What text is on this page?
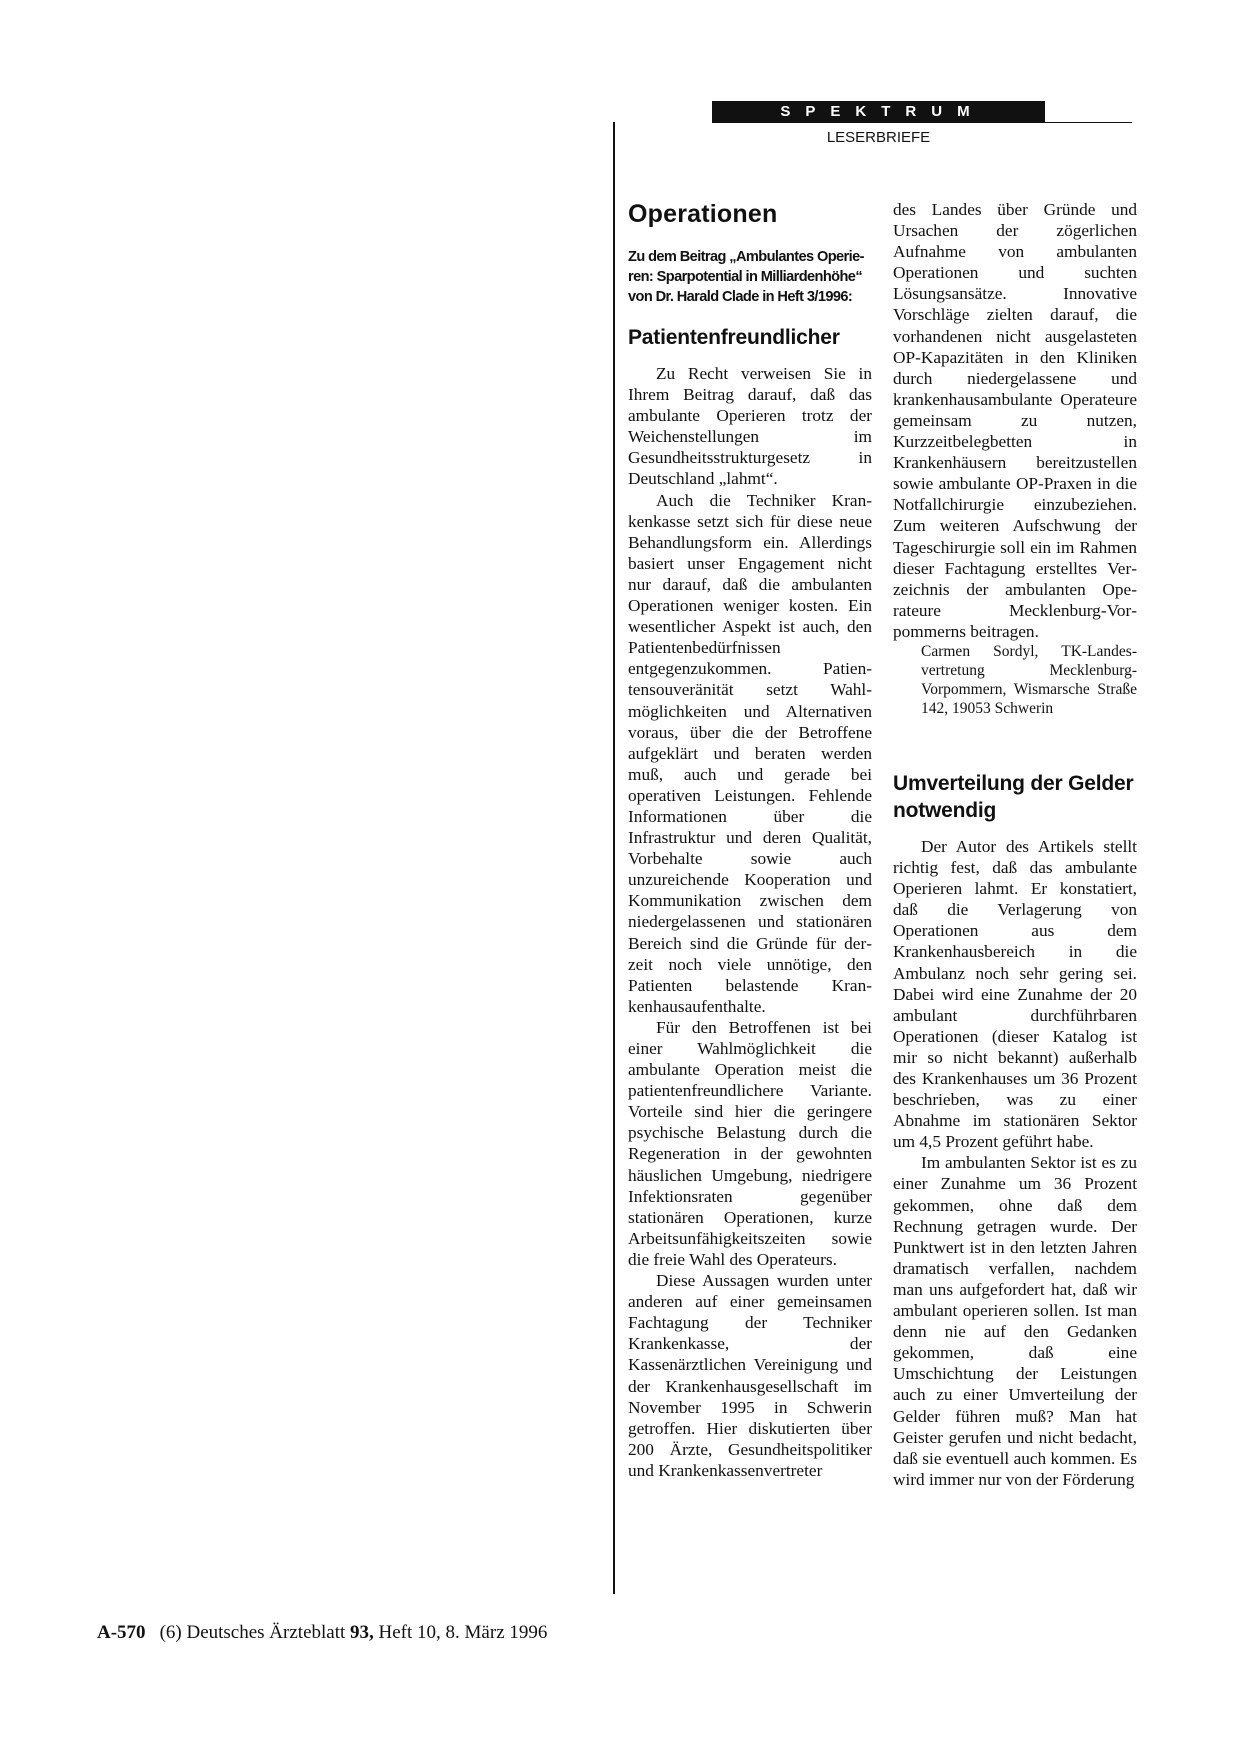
SPEKTRUM
LESERBRIEFE
Operationen
Zu dem Beitrag „Ambulantes Operieren: Sparpotential in Milliardenhöhe“ von Dr. Harald Clade in Heft 3/1996:
Patientenfreundlicher

Zu Recht verweisen Sie in Ihrem Beitrag darauf, daß das ambulante Operieren trotz der Weichenstellungen im Gesundheitsstrukturgesetz in Deutschland „lahmt“.

Auch die Techniker Krankenkasse setzt sich für diese neue Behandlungsform ein. Allerdings basiert unser Engagement nicht nur darauf, daß die ambulanten Operationen weniger kosten. Ein wesentlicher Aspekt ist auch, den Patientenbedürfnissen entgegenzukommen. Patientensouveränität setzt Wahlmöglichkeiten und Alternativen voraus, über die der Betroffene aufgeklärt und beraten werden muß, auch und gerade bei operativen Leistungen. Fehlende Informationen über die Infrastruktur und deren Qualität, Vorbehalte sowie auch unzureichende Kooperation und Kommunikation zwischen dem niedergelassenen und stationären Bereich sind die Gründe für derzeit noch viele unnötige, den Patienten belastende Krankenhausaufenthalte.

Für den Betroffenen ist bei einer Wahlmöglichkeit die ambulante Operation meist die patientenfreundlichere Variante. Vorteile sind hier die geringere psychische Belastung durch die Regeneration in der gewohnten häuslichen Umgebung, niedrigere Infektionsraten gegenüber stationären Operationen, kurze Arbeitsunfähigkeitszeiten sowie die freie Wahl des Operateurs.

Diese Aussagen wurden unter anderen auf einer gemeinsamen Fachtagung der Techniker Krankenkasse, der Kassenärztlichen Vereinigung und der Krankenhausgesellschaft im November 1995 in Schwerin getroffen. Hier diskutierten über 200 Ärzte, Gesundheitspolitiker und Krankenkassenvertreter

des Landes über Gründe und Ursachen der zögerlichen Aufnahme von ambulanten Operationen und suchten Lösungsansätze. Innovative Vorschläge zielten darauf, die vorhandenen nicht ausgelasteten OP-Kapazitäten in den Kliniken durch niedergelassene und krankenhausambulante Operateure gemeinsam zu nutzen, Kurzzeitbelegbetten in Krankenhäusern bereitzustellen sowie ambulante OP-Praxen in die Notfallchirurgie einzubeziehen. Zum weiteren Aufschwung der Tageschirurgie soll ein im Rahmen dieser Fachtagung erstelltes Verzeichnis der ambulanten Operateure Mecklenburg-Vorpommerns beitragen.

Carmen Sordyl, TK-Landesvertretung Mecklenburg-Vorpommern, Wismarsche Straße 142, 19053 Schwerin

Umverteilung der Gelder notwendig

Der Autor des Artikels stellt richtig fest, daß das ambulante Operieren lahmt. Er konstatiert, daß die Verlagerung von Operationen aus dem Krankenhausbereich in die Ambulanz noch sehr gering sei. Dabei wird eine Zunahme der 20 ambulant durchführbaren Operationen (dieser Katalog ist mir so nicht bekannt) außerhalb des Krankenhauses um 36 Prozent beschrieben, was zu einer Abnahme im stationären Sektor um 4,5 Prozent geführt habe.

Im ambulanten Sektor ist es zu einer Zunahme um 36 Prozent gekommen, ohne daß dem Rechnung getragen wurde. Der Punktwert ist in den letzten Jahren dramatisch verfallen, nachdem man uns aufgefordert hat, daß wir ambulant operieren sollen. Ist man denn nie auf den Gedanken gekommen, daß eine Umschichtung der Leistungen auch zu einer Umverteilung der Gelder führen muß? Man hat Geister gerufen und nicht bedacht, daß sie eventuell auch kommen. Es wird immer nur von der Förderung

A-570 (6) Deutsches Ärzteblatt 93, Heft 10, 8. März 1996
